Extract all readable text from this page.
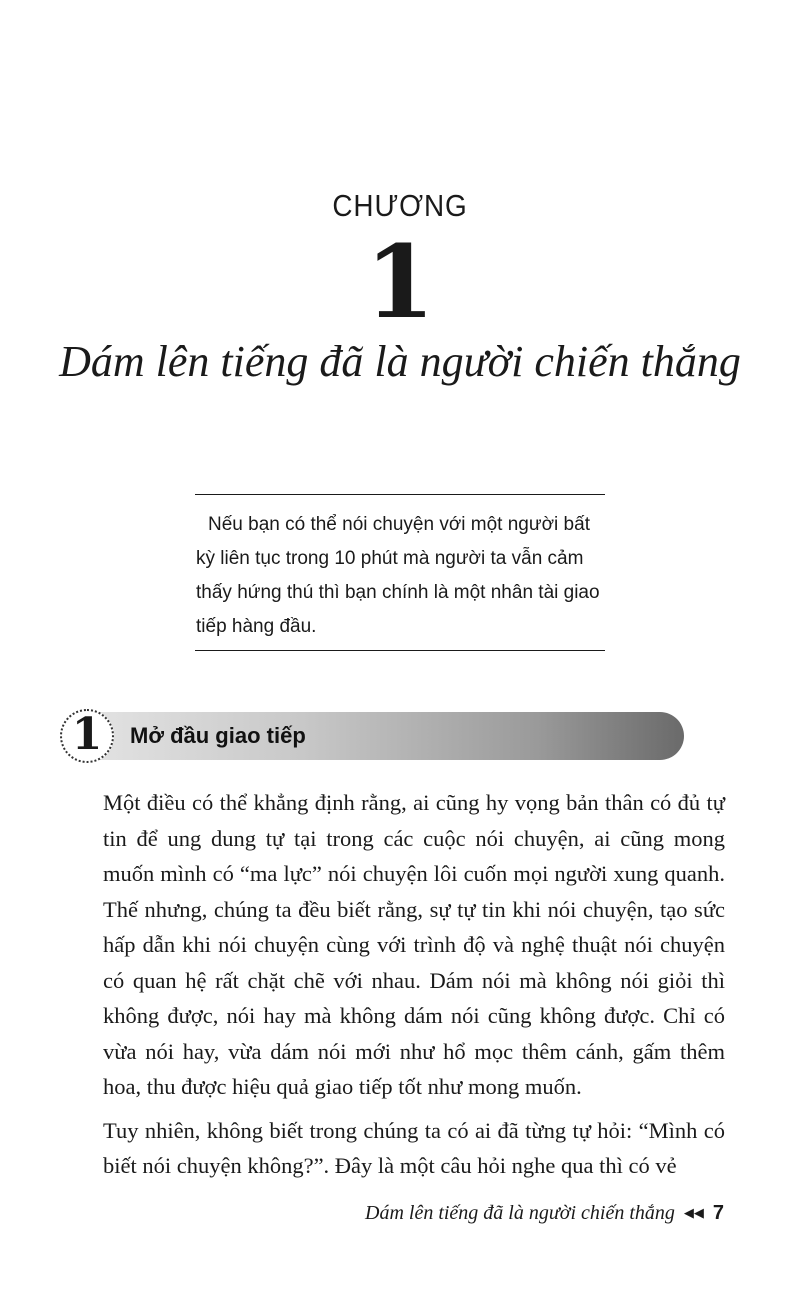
CHƯƠNG
1
Dám lên tiếng đã là người chiến thắng
Nếu bạn có thể nói chuyện với một người bất kỳ liên tục trong 10 phút mà người ta vẫn cảm thấy hứng thú thì bạn chính là một nhân tài giao tiếp hàng đầu.
1	Mở đầu giao tiếp

Một điều có thể khẳng định rằng, ai cũng hy vọng bản thân có đủ tự tin để ung dung tự tại trong các cuộc nói chuyện, ai cũng mong muốn mình có “ma lực” nói chuyện lôi cuốn mọi người xung quanh. Thế nhưng, chúng ta đều biết rằng, sự tự tin khi nói chuyện, tạo sức hấp dẫn khi nói chuyện cùng với trình độ và nghệ thuật nói chuyện có quan hệ rất chặt chẽ với nhau. Dám nói mà không nói giỏi thì không được, nói hay mà không dám nói cũng không được. Chỉ có vừa nói hay, vừa dám nói mới như hổ mọc thêm cánh, gấm thêm hoa, thu được hiệu quả giao tiếp tốt như mong muốn.

Tuy nhiên, không biết trong chúng ta có ai đã từng tự hỏi: “Mình có biết nói chuyện không?”. Đây là một câu hỏi nghe qua thì có vẻ

Dám lên tiếng đã là người chiến thắng ◀◀ 7
